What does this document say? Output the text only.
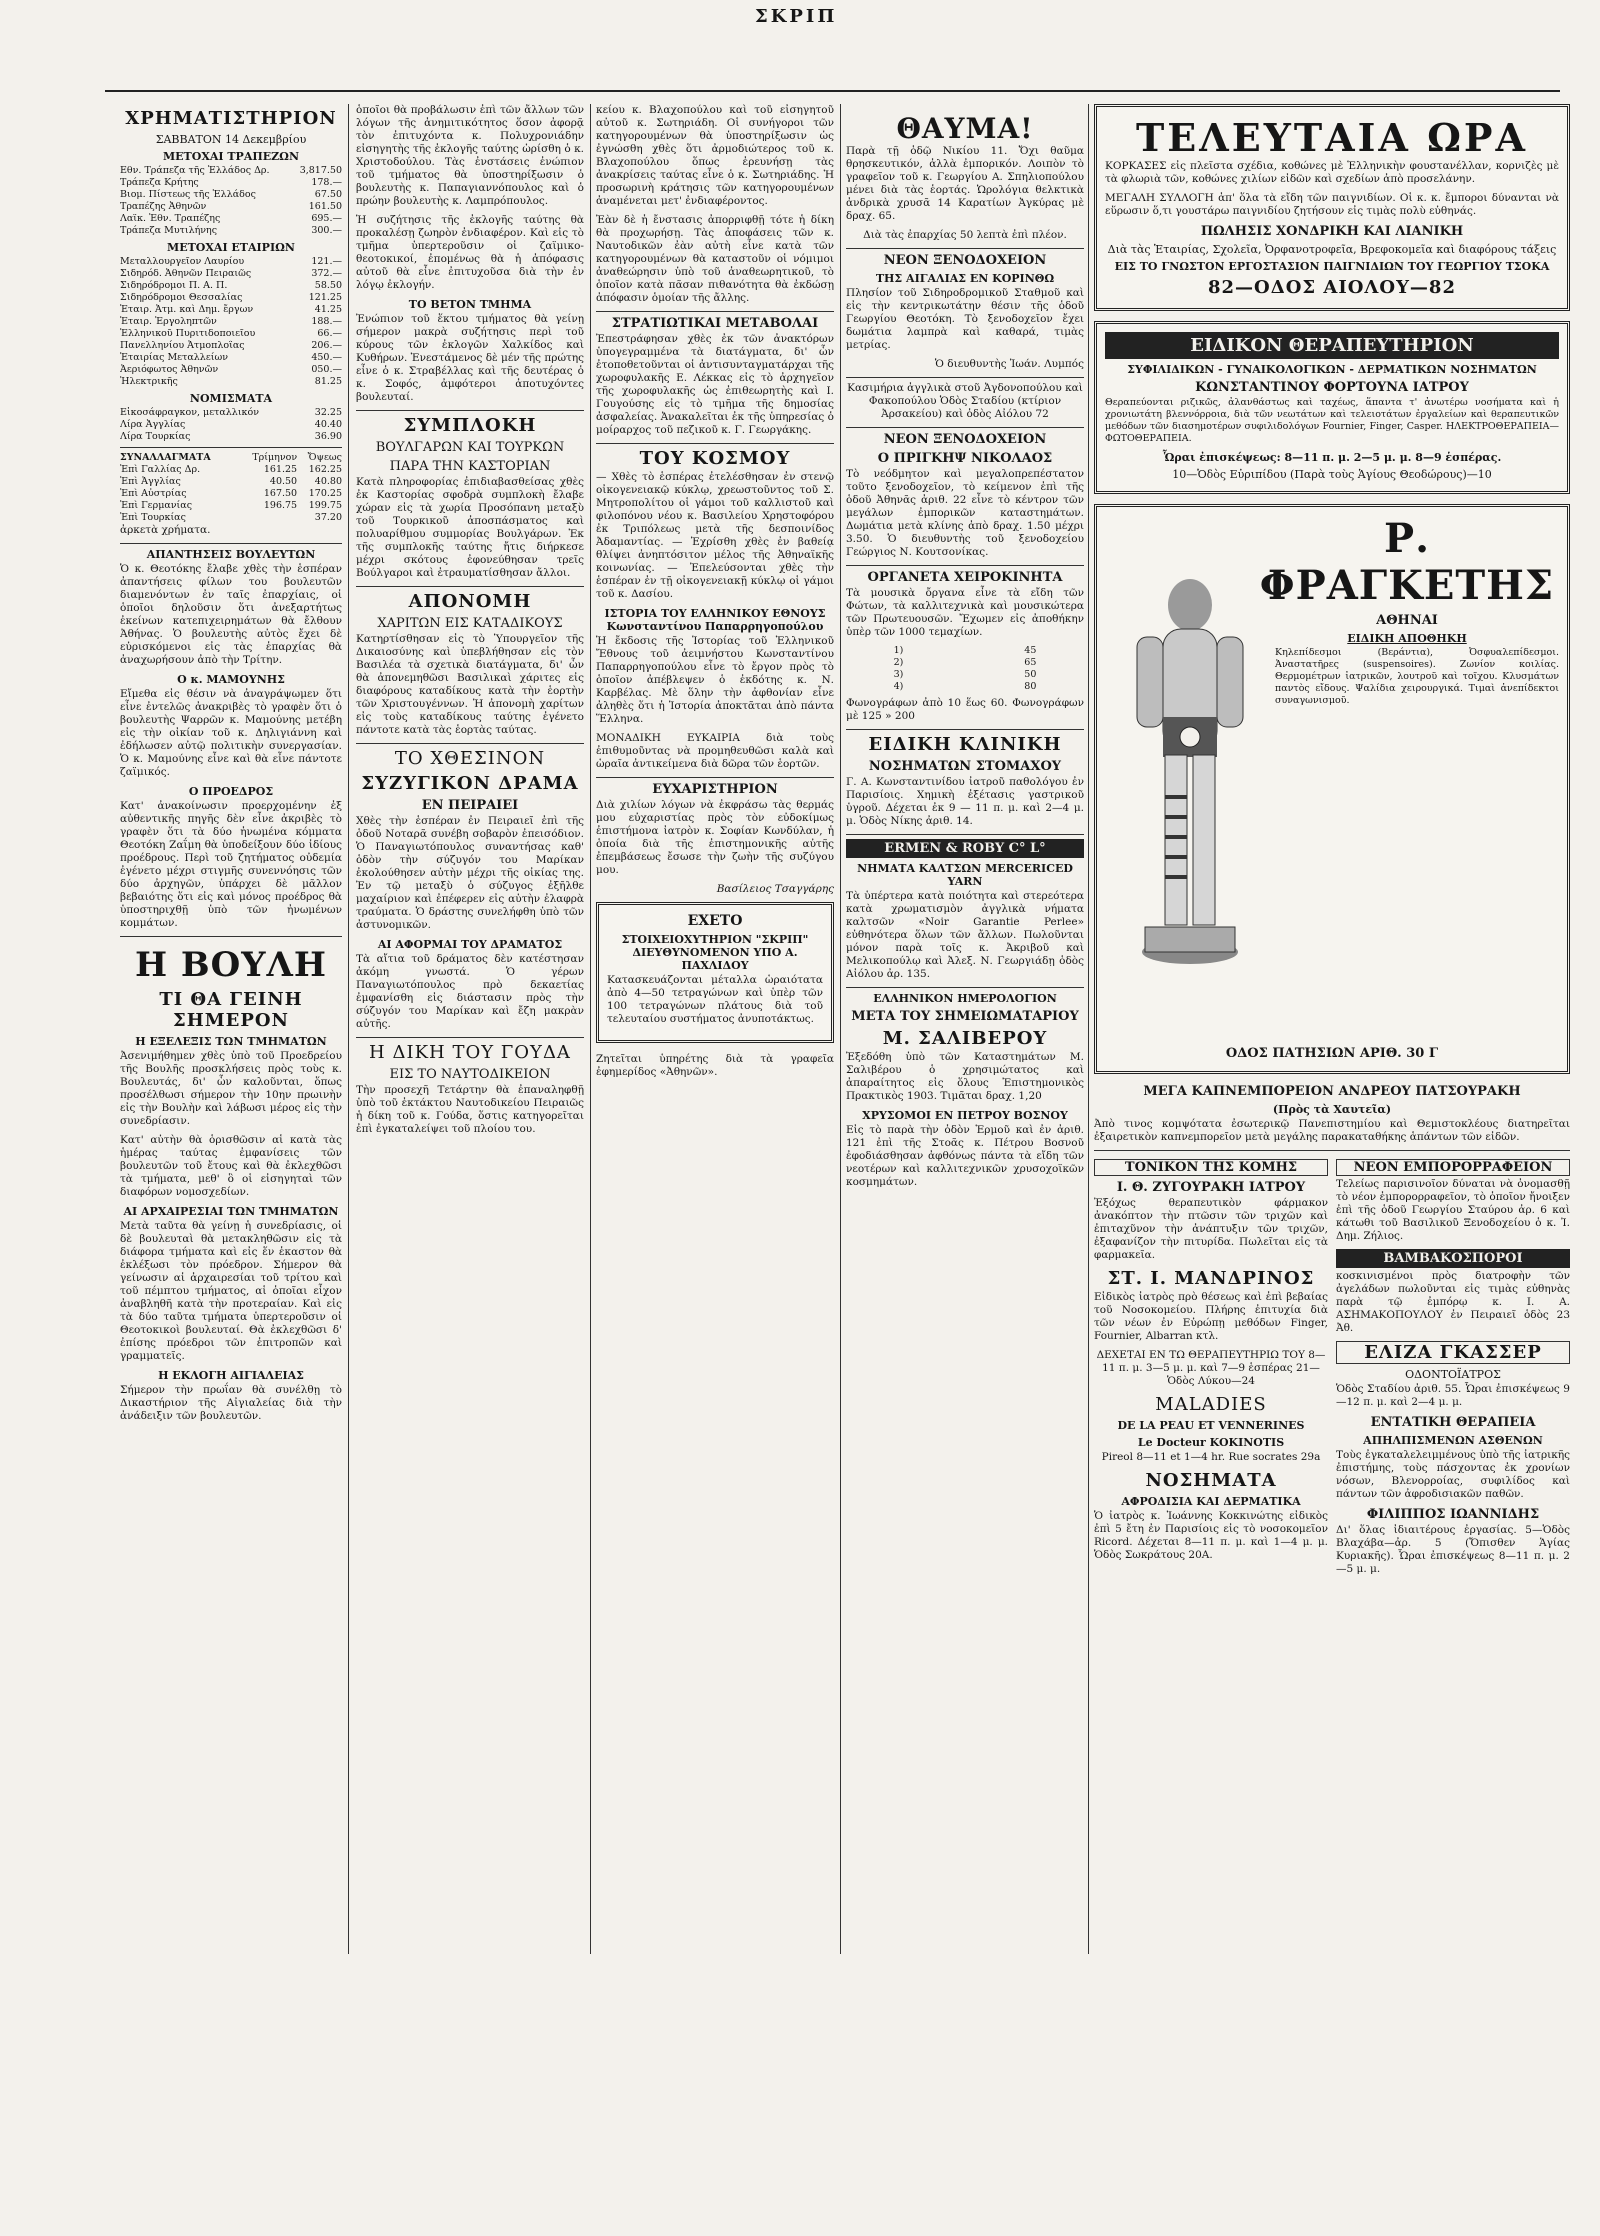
ΣΚΡΙΠ
ΧΡΗΜΑΤΙΣΤΗΡΙΟΝ
ΣΑΒΒΑΤΟΝ 14 Δεκεμβρίου
ΜΕΤΟΧΑΙ ΤΡΑΠΕΖΩΝ
Εθν. Τράπεζα τῆς Ἑλλάδος Δρ.	3,817.50
Τράπεζα Κρήτης	178.—
Βιομ. Πίστεως τῆς Ἑλλάδος	67.50
Τραπέζης Ἀθηνῶν	161.50
Λαϊκ. Ἐθν. Τραπέζης	695.—
Τράπεζα Μυτιλήνης	300.—
ΜΕΤΟΧΑΙ ΕΤΑΙΡΙΩΝ
Μεταλλουργεῖον Λαυρίου	121.—
Σιδηρόδ. Ἀθηνῶν Πειραιῶς	372.—
Σιδηρόδρομοι Π. Α. Π.	58.50
Σιδηρόδρομοι Θεσσαλίας	121.25
Ἑταιρ. Ἀτμ. καὶ Δημ. ἔργων	41.25
Ἑταιρ. Ἐργοληπτῶν	188.—
Ἑλληνικοῦ Πυριτιδοποιεῖου	66.—
Πανελληνίου Ἀτμοπλοΐας	206.—
Ἑταιρίας Μεταλλείων	450.—
Ἀεριόφωτος Ἀθηνῶν	050.—
Ἠλεκτρικῆς	81.25
ΝΟΜΙΣΜΑΤΑ
Εἰκοσάφραγκον, μεταλλικόν	32.25
Λίρα Ἀγγλίας	40.40
Λίρα Τουρκίας	36.90
ΣΥΝΑΛΛΑΓΜΑΤΑ	Τρίμηνον	Ὄψεως
Ἐπὶ Γαλλίας Δρ.	161.25	162.25
Ἐπὶ Ἀγγλίας	40.50	40.80
Ἐπὶ Αὐστρίας	167.50	170.25
Ἐπὶ Γερμανίας	196.75	199.75
Ἐπὶ Τουρκίας		37.20

ἀρκετὰ χρήματα.

ΑΠΑΝΤΗΣΕΙΣ ΒΟΥΛΕΥΤΩΝ

Ὁ κ. Θεοτόκης ἔλαβε χθὲς τὴν ἑσπέραν ἀπαντήσεις φίλων του βουλευτῶν διαμενόντων ἐν ταῖς ἐπαρχίαις, οἱ ὁποῖοι δηλοῦσιν ὅτι ἀνεξαρτήτως ἐκείνων κατεπιχειρημάτων θὰ ἔλθουν Ἀθήνας. Ὁ βουλευτὴς αὐτὸς ἔχει δὲ εὐρισκόμενοι εἰς τὰς ἑπαρχίας θὰ ἀναχωρήσουν ἀπὸ τὴν Τρίτην.

Ο κ. ΜΑΜΟΥΝΗΣ

Εἴμεθα εἰς θέσιν νὰ ἀναγράψωμεν ὅτι εἶνε ἐντελῶς ἀνακριβὲς τὸ γραφὲν ὅτι ὁ βουλευτὴς Ψαρρῶν κ. Μαμούνης μετέβη εἰς τὴν οἰκίαν τοῦ κ. Δηλιγιάννη καὶ ἐδήλωσεν αὐτῷ πολιτικὴν συνεργασίαν. Ὁ κ. Μαμούνης εἶνε καὶ θὰ εἶνε πάντοτε ζαϊμικός.

Ο ΠΡΟΕΔΡΟΣ

Κατ' ἀνακοίνωσιν προερχομένην ἐξ αὐθεντικῆς πηγῆς δὲν εἶνε ἀκριβὲς τὸ γραφὲν ὅτι τὰ δύο ἠνωμένα κόμματα Θεοτόκη Ζαΐμη θὰ ὑποδείξουν δύο ἰδίους προέδρους. Περὶ τοῦ ζητήματος οὐδεμία ἐγένετο μέχρι στιγμῆς συνεννόησις τῶν δύο ἀρχηγῶν, ὑπάρχει δὲ μᾶλλον βεβαιότης ὅτι εἰς καὶ μόνος προέδρος θὰ ὑποστηριχθῇ ὑπὸ τῶν ἠνωμένων κομμάτων.

Η ΒΟΥΛΗ
ΤΙ ΘΑ ΓΕΙΝΗ ΣΗΜΕΡΟΝ
Η ΕΞΕΛΕΞΙΣ ΤΩΝ ΤΜΗΜΑΤΩΝ

Ἀσενιμήθημεν χθὲς ὑπὸ τοῦ Προεδρείου τῆς Βουλῆς προσκλήσεις πρὸς τοὺς κ. Βουλευτάς, δι' ὧν καλοῦνται, ὅπως προσέλθωσι σήμερον τὴν 10ην πρωινὴν εἰς τὴν Βουλὴν καὶ λάβωσι μέρος εἰς τὴν συνεδρίασιν.

Κατ' αὐτὴν θὰ ὁρισθῶσιν αἱ κατὰ τὰς ἡμέρας ταύτας ἐμφανίσεις τῶν βουλευτῶν τοῦ ἔτους καὶ θὰ ἐκλεχθῶσι τὰ τμήματα, μεθ' ὃ οἱ εἰσηγηταὶ τῶν διαφόρων νομοσχεδίων.

ΑΙ ΑΡΧΑΙΡΕΣΙΑΙ ΤΩΝ ΤΜΗΜΑΤΩΝ

Μετὰ ταῦτα θὰ γείνῃ ἡ συνεδρίασις, οἱ δὲ βουλευταὶ θὰ μετακληθῶσιν εἰς τὰ διάφορα τμήματα καὶ εἰς ἕν ἑκαστον θὰ ἐκλέξωσι τὸν πρόεδρον. Σήμερον θὰ γείνωσιν αἱ ἀρχαιρεσίαι τοῦ τρίτου καὶ τοῦ πέμπτου τμήματος, αἱ ὁποῖαι εἶχον ἀναβληθῆ κατὰ τὴν προτεραίαν. Καὶ εἰς τὰ δύο ταῦτα τμήματα ὑπερτεροῦσιν οἱ Θεοτοκικοὶ βουλευταί. Θὰ ἐκλεχθῶσι δ' ἐπίσης πρόεδροι τῶν ἐπιτροπῶν καὶ γραμματεῖς.

Η ΕΚΛΟΓΗ ΑΙΓΙΑΛΕΙΑΣ

Σήμερον τὴν πρωΐαν θὰ συνέλθῃ τὸ Δικαστήριον τῆς Αἰγιαλείας διὰ τὴν ἀνάδειξιν τῶν βουλευτῶν.

ὁποῖοι θὰ προβάλωσιν ἐπὶ τῶν ἄλλων τῶν λόγων τῆς ἀνημιτικότητος ὅσον ἀφορᾷ τὸν ἐπιτυχόντα κ. Πολυχρονιάδην εἰσηγητὴς τῆς ἐκλογῆς ταύτης ὡρίσθη ὁ κ. Χριστοδούλου. Τὰς ἐνστάσεις ἐνώπιον τοῦ τμήματος θὰ ὑποστηρίξωσιν ὁ βουλευτὴς κ. Παπαγιαννόπουλος καὶ ὁ πρώην βουλευτὴς κ. Λαμπρόπουλος.

Ἡ συζήτησις τῆς ἐκλογῆς ταύτης θὰ προκαλέσῃ ζωηρὸν ἐνδιαφέρον. Καὶ εἰς τὸ τμῆμα ὑπερτεροῦσιν οἱ ζαϊμικο-θεοτοκικοί, ἐπομένως θὰ ἡ ἀπόφασις αὐτοῦ θὰ εἶνε ἐπιτυχοῦσα διὰ τὴν ἐν λόγῳ ἐκλογήν.

ΤΟ ΒΕΤΟΝ ΤΜΗΜΑ

Ἐνώπιον τοῦ ἕκτου τμήματος θὰ γείνῃ σήμερον μακρὰ συζήτησις περὶ τοῦ κύρους τῶν ἐκλογῶν Χαλκίδος καὶ Κυθήρων. Ἐνεστάμενος δὲ μέν τῆς πρώτης εἶνε ὁ κ. Στραβέλλας καὶ τῆς δευτέρας ὁ κ. Σοφός, ἀμφότεροι ἀποτυχόντες βουλευταί.

ΣΥΜΠΛΟΚΗ
ΒΟΥΛΓΑΡΩΝ ΚΑΙ ΤΟΥΡΚΩΝ
ΠΑΡΑ ΤΗΝ ΚΑΣΤΟΡΙΑΝ

Κατὰ πληροφορίας ἐπιδιαβασθείσας χθὲς ἐκ Καστορίας σφοδρὰ συμπλοκὴ ἔλαβε χώραν εἰς τὰ χωρία Προσόπανη μεταξὺ τοῦ Τουρκικοῦ ἀποσπάσματος καὶ πολυαρίθμου συμμορίας Βουλγάρων. Ἐκ τῆς συμπλοκῆς ταύτης ἤτις διήρκεσε μέχρι σκότους ἐφονεύθησαν τρεῖς Βούλγαροι καὶ ἐτραυματίσθησαν ἄλλοι.

ΑΠΟΝΟΜΗ
ΧΑΡΙΤΩΝ ΕΙΣ ΚΑΤΑΔΙΚΟΥΣ

Κατηρτίσθησαν εἰς τὸ Ὑπουργεῖον τῆς Δικαιοσύνης καὶ ὑπεβλήθησαν εἰς τὸν Βασιλέα τὰ σχετικὰ διατάγματα, δι' ὧν θὰ ἀπονεμηθῶσι Βασιλικαὶ χάριτες εἰς διαφόρους καταδίκους κατὰ τὴν ἑορτὴν τῶν Χριστουγέννων. Ἡ ἀπονομὴ χαρίτων εἰς τοὺς καταδίκους ταύτης ἐγένετο πάντοτε κατὰ τὰς ἑορτὰς ταύτας.

ΤΟ ΧΘΕΣΙΝΟΝ
ΣΥΖΥΓΙΚΟΝ ΔΡΑΜΑ
ΕΝ ΠΕΙΡΑΙΕΙ

Χθὲς τὴν ἑσπέραν ἐν Πειραιεῖ ἐπὶ τῆς ὁδοῦ Νοταρᾶ συνέβη σοβαρὸν ἐπεισόδιον. Ὁ Παναγιωτόπουλος συναντήσας καθ' ὁδὸν τὴν σύζυγόν του Μαρίκαν ἐκολούθησεν αὐτὴν μέχρι τῆς οἰκίας της. Ἐν τῷ μεταξὺ ὁ σύζυγος ἐξῆλθε μαχαίριον καὶ ἐπέφερεν εἰς αὐτὴν ἐλαφρὰ τραύματα. Ὁ δράστης συνελήφθη ὑπὸ τῶν ἀστυνομικῶν.

ΑΙ ΑΦΟΡΜΑΙ ΤΟΥ ΔΡΑΜΑΤΟΣ

Τὰ αἴτια τοῦ δράματος δὲν κατέστησαν ἀκόμη γνωστά. Ὁ γέρων Παναγιωτόπουλος πρὸ δεκαετίας ἐμφανίσθη εἰς διάστασιν πρὸς τὴν σύζυγόν του Μαρίκαν καὶ ἔζη μακρὰν αὐτῆς.

Η ΔΙΚΗ ΤΟΥ ΓΟΥΔΑ
ΕΙΣ ΤΟ ΝΑΥΤΟΔΙΚΕΙΟΝ

Τὴν προσεχῆ Τετάρτην θὰ ἐπαναληφθῇ ὑπὸ τοῦ ἐκτάκτου Ναυτοδικείου Πειραιῶς ἡ δίκη τοῦ κ. Γούδα, ὅστις κατηγορεῖται ἐπὶ ἐγκαταλείψει τοῦ πλοίου του.

κείου κ. Βλαχοπούλου καὶ τοῦ εἰσηγητοῦ αὐτοῦ κ. Σωτηριάδη. Οἱ συνήγοροι τῶν κατηγορουμένων θὰ ὑποστηρίξωσιν ὡς ἐγνώσθη χθὲς ὅτι ἀρμοδιώτερος τοῦ κ. Βλαχοπούλου ὅπως ἐρευνήσῃ τὰς ἀνακρίσεις ταύτας εἶνε ὁ κ. Σωτηριάδης. Ἡ προσωρινὴ κράτησις τῶν κατηγορουμένων ἀναμένεται μετ' ἐνδιαφέροντος.

Ἐὰν δὲ ἡ ἔνστασις ἀπορριφθῇ τότε ἡ δίκη θὰ προχωρήσῃ. Τὰς ἀποφάσεις τῶν κ. Ναυτοδικῶν ἐὰν αὐτὴ εἶνε κατὰ τῶν κατηγορουμένων θὰ καταστοῦν οἱ νόμιμοι ἀναθεώρησιν ὑπὸ τοῦ ἀναθεωρητικοῦ, τὸ ὁποῖον κατὰ πᾶσαν πιθανότητα θὰ ἐκδώσῃ ἀπόφασιν ὁμοίαν τῆς ἄλλης.

ΣΤΡΑΤΙΩΤΙΚΑΙ ΜΕΤΑΒΟΛΑΙ

Ἐπεστράφησαν χθὲς ἐκ τῶν ἀνακτόρων ὑπογεγραμμένα τὰ διατάγματα, δι' ὧν ἐτοποθετοῦνται οἱ ἀντισυνταγματάρχαι τῆς χωροφυλακῆς Ε. Λέκκας εἰς τὸ ἀρχηγεῖον τῆς χωροφυλακῆς ὡς ἐπιθεωρητὴς καὶ Ι. Γουγούσης εἰς τὸ τμῆμα τῆς δημοσίας ἀσφαλείας. Ἀνακαλεῖται ἐκ τῆς ὑπηρεσίας ὁ μοίραρχος τοῦ πεζικοῦ κ. Γ. Γεωργάκης.

ΤΟΥ ΚΟΣΜΟΥ

— Χθὲς τὸ ἑσπέρας ἐτελέσθησαν ἐν στενῷ οἰκογενειακῷ κύκλῳ, χρεωστοῦντος τοῦ Σ. Μητροπολίτου οἱ γάμοι τοῦ καλλιστοῦ καὶ φιλοπόνου νέου κ. Βασιλείου Χρηστοφόρου ἐκ Τριπόλεως μετὰ τῆς δεσποινίδος Ἀδαμαντίας. — Ἐχρίσθη χθὲς ἐν βαθείᾳ θλίψει ἀνηπτόσιτον μέλος τῆς Ἀθηναϊκῆς κοινωνίας. — Ἐπελεύσονται χθὲς τὴν ἑσπέραν ἐν τῇ οἰκογενειακῇ κύκλῳ οἱ γάμοι τοῦ κ. Δασίου.

ΙΣΤΟΡΙΑ ΤΟΥ ΕΛΛΗΝΙΚΟΥ ΕΘΝΟΥΣ Κωνσταντίνου Παπαρρηγοπούλου

Ἡ ἔκδοσις τῆς Ἱστορίας τοῦ Ἑλληνικοῦ Ἔθνους τοῦ ἀειμνήστου Κωνσταντίνου Παπαρρηγοπούλου εἶνε τὸ ἔργον πρὸς τὸ ὁποῖον ἀπέβλεψεν ὁ ἐκδότης κ. Ν. Καρβέλας. Μὲ ὅλην τὴν ἀφθονίαν εἶνε ἀληθὲς ὅτι ἡ Ἱστορία ἀποκτᾶται ἀπὸ πάντα Ἕλληνα.

ΜΟΝΑΔΙΚΗ ΕΥΚΑΙΡΙΑ διὰ τοὺς ἐπιθυμοῦντας νὰ προμηθευθῶσι καλὰ καὶ ὡραῖα ἀντικείμενα διὰ δῶρα τῶν ἑορτῶν.

ΕΥΧΑΡΙΣΤΗΡΙΟΝ

Διὰ χιλίων λόγων νὰ ἐκφράσω τὰς θερμάς μου εὐχαριστίας πρὸς τὸν εὐδοκίμως ἐπιστήμονα ἰατρὸν κ. Σοφίαν Κωνδύλαν, ἡ ὁποία διὰ τῆς ἐπιστημονικῆς αὐτῆς ἐπεμβάσεως ἔσωσε τὴν ζωὴν τῆς συζύγου μου.

Βασίλειος Τσαγγάρης

ΕΧΕΤΟ
ΣΤΟΙΧΕΙΟΧΥΤΗΡΙΟΝ "ΣΚΡΙΠ" ΔΙΕΥΘΥΝΟΜΕΝΟΝ ΥΠΟ Α. ΠΑΧΛΙΔΟΥ

Κατασκευάζονται μέταλλα ὡραιότατα ἀπὸ 4—50 τετραγώνων καὶ ὑπὲρ τῶν 100 τετραγώνων πλάτους διὰ τοῦ τελευταίου συστήματος ἀνυποτάκτως.

Ζητεῖται ὑπηρέτης διὰ τὰ γραφεῖα ἐφημερίδος «Ἀθηνῶν».

ΘΑΥΜΑ!

Παρὰ τῇ ὁδῷ Νικίου 11. Ὄχι θαῦμα θρησκευτικόν, ἀλλὰ ἐμπορικόν. Λοιπὸν τὸ γραφεῖον τοῦ κ. Γεωργίου Α. Σπηλιοπούλου μένει διὰ τὰς ἑορτάς. Ὡρολόγια θελκτικὰ ἀνδρικὰ χρυσᾶ 14 Καρατίων Ἀγκύρας μὲ δραχ. 65.

Διὰ τὰς ἐπαρχίας 50 λεπτὰ ἐπὶ πλέον.

ΝΕΟΝ ΞΕΝΟΔΟΧΕΙΟΝ
ΤΗΣ ΑΙΓΑΛΙΑΣ ΕΝ ΚΟΡΙΝΘΩ

Πλησίον τοῦ Σιδηροδρομικοῦ Σταθμοῦ καὶ εἰς τὴν κεντρικωτάτην θέσιν τῆς ὁδοῦ Γεωργίου Θεοτόκη. Τὸ ξενοδοχεῖον ἔχει δωμάτια λαμπρὰ καὶ καθαρά, τιμὰς μετρίας.

Ὁ διευθυντὴς Ἰωάν. Λυμπός

Κασιμήρια ἀγγλικὰ στοῦ Ἀγδονοπούλου καὶ Φακοπούλου Ὁδὸς Σταδίου (κτίριον Ἀρσακείου) καὶ ὁδὸς Αἰόλου 72

ΝΕΟΝ ΞΕΝΟΔΟΧΕΙΟΝ
Ο ΠΡΙΓΚΗΨ ΝΙΚΟΛΑΟΣ

Τὸ νεόδμητον καὶ μεγαλοπρεπέστατον τοῦτο ξενοδοχεῖον, τὸ κείμενον ἐπὶ τῆς ὁδοῦ Ἀθηνᾶς ἀριθ. 22 εἶνε τὸ κέντρον τῶν μεγάλων ἐμπορικῶν καταστημάτων. Δωμάτια μετὰ κλίνης ἀπὸ δραχ. 1.50 μέχρι 3.50. Ὁ διευθυντὴς τοῦ ξενοδοχείου Γεώργιος Ν. Κουτσονίκας.

ΟΡΓΑΝΕΤΑ ΧΕΙΡΟΚΙΝΗΤΑ

Τὰ μουσικὰ ὄργανα εἶνε τὰ εἴδη τῶν Φώτων, τὰ καλλιτεχνικὰ καὶ μουσικώτερα τῶν Πρωτευουσῶν. Ἔχωμεν εἰς ἀποθήκην ὑπὲρ τῶν 1000 τεμαχίων.

1)	45
2)	65
3)	50
4)	80

Φωνογράφων ἀπὸ 10 ἕως 60. Φωνογράφων μὲ 125 » 200

ΕΙΔΙΚΗ ΚΛΙΝΙΚΗ
ΝΟΣΗΜΑΤΩΝ ΣΤΟΜΑΧΟΥ

Γ. Α. Κωνσταντινίδου ἰατροῦ παθολόγου ἐν Παρισίοις. Χημικὴ ἐξέτασις γαστρικοῦ ὑγροῦ. Δέχεται ἐκ 9 — 11 π. μ. καὶ 2—4 μ. μ. Ὁδὸς Νίκης ἀριθ. 14.

ERMEN & ROBY C° L°
ΝΗΜΑΤΑ ΚΑΛΤΣΩΝ MERCERICED YARN

Τὰ ὑπέρτερα κατὰ ποιότητα καὶ στερεότερα κατὰ χρωματισμὸν ἀγγλικὰ νήματα καλτσῶν «Noir Garantie Perlee» εὐθηνότερα ὅλων τῶν ἄλλων. Πωλοῦνται μόνον παρὰ τοῖς κ. Ἀκριβοῦ καὶ Μελικοπούλῳ καὶ Ἀλεξ. Ν. Γεωργιάδῃ ὁδὸς Αἰόλου ἀρ. 135.

ΕΛΛΗΝΙΚΟΝ ΗΜΕΡΟΛΟΓΙΟΝ
ΜΕΤΑ ΤΟΥ ΣΗΜΕΙΩΜΑΤΑΡΙΟΥ
Μ. ΣΑΛΙΒΕΡΟΥ

Ἐξεδόθη ὑπὸ τῶν Καταστημάτων Μ. Σαλιβέρου ὁ χρησιμώτατος καὶ ἀπαραίτητος εἰς ὅλους Ἐπιστημονικὸς Πρακτικὸς 1903. Τιμᾶται δραχ. 1,20

ΧΡΥΣΟΜΟΙ ΕΝ ΠΕΤΡΟΥ ΒΟΣΝΟΥ

Εἰς τὸ παρὰ τὴν ὁδὸν Ἑρμοῦ καὶ ἐν ἀριθ. 121 ἐπὶ τῆς Στοᾶς κ. Πέτρου Βοσνοῦ ἐφοδιάσθησαν ἀφθόνως πάντα τὰ εἴδη τῶν νεοτέρων καὶ καλλιτεχνικῶν χρυσοχοϊκῶν κοσμημάτων.

ΤΕΛΕΥΤΑΙΑ ΩΡΑ

ΚΟΡΚΑΣΕΣ εἰς πλεῖστα σχέδια, κοθώνες μὲ Ἑλληνικὴν φουστανέλλαν, κορνιζὲς μὲ τὰ φλωριὰ τῶν, κοθώνες χιλίων εἰδῶν καὶ σχεδίων ἀπὸ προσελάνην.

ΜΕΓΑΛΗ ΣΥΛΛΟΓΗ ἀπ' ὅλα τὰ εἴδη τῶν παιγνιδίων. Οἱ κ. κ. ἔμποροι δύνανται νὰ εὕρωσιν ὅ,τι γουστάρω παιγνιδίου ζητήσουν εἰς τιμὰς πολὺ εὐθηνάς.

ΠΩΛΗΣΙΣ ΧΟΝΔΡΙΚΗ ΚΑΙ ΛΙΑΝΙΚΗ
Διὰ τὰς Ἑταιρίας, Σχολεῖα, Ὀρφανοτροφεῖα, Βρεφοκομεῖα καὶ διαφόρους τάξεις
ΕΙΣ ΤΟ ΓΝΩΣΤΟΝ ΕΡΓΟΣΤΑΣΙΟΝ ΠΑΙΓΝΙΔΙΩΝ ΤΟΥ ΓΕΩΡΓΙΟΥ ΤΣΟΚΑ
82—ΟΔΟΣ ΑΙΟΛΟΥ—82
ΕΙΔΙΚΟΝ ΘΕΡΑΠΕΥΤΗΡΙΟΝ
ΣΥΦΙΛΙΔΙΚΩΝ - ΓΥΝΑΙΚΟΛΟΓΙΚΩΝ - ΔΕΡΜΑΤΙΚΩΝ ΝΟΣΗΜΑΤΩΝ
ΚΩΝΣΤΑΝΤΙΝΟΥ ΦΟΡΤΟΥΝΑ ΙΑΤΡΟΥ

Θεραπεύονται ριζικῶς, ἀλανθάστως καὶ ταχέως, ἅπαντα τ' ἀνωτέρω νοσήματα καὶ ἡ χρονιωτάτη βλεννόρροια, διὰ τῶν νεωτάτων καὶ τελειοτάτων ἐργαλείων καὶ θεραπευτικῶν μεθόδων τῶν διασημοτέρων συφιλιδολόγων Fournier, Finger, Casper. ΗΛΕΚΤΡΟΘΕΡΑΠΕΙΑ—ΦΩΤΟΘΕΡΑΠΕΙΑ.

Ὧραι ἐπισκέψεως: 8—11 π. μ. 2—5 μ. μ. 8—9 ἑσπέρας.
10—Ὁδὸς Εὐριπίδου (Παρὰ τοὺς Ἁγίους Θεοδώρους)—10
Ρ. ΦΡΑΓΚΕΤΗΣ
ΑΘΗΝΑΙ
ΕΙΔΙΚΗ ΑΠΟΘΗΚΗ

Κηλεπίδεσμοι (Βεράντια), Ὀσφυαλεπίδεσμοι. Ἀναστατῆρες (suspensoires). Ζωνίον κοιλίας. Θερμομέτρων ἰατρικῶν, λουτροῦ καὶ τοῖχου. Κλυσμάτων παντὸς εἴδους. Ψαλίδια χειρουργικά. Τιμαὶ ἀνεπίδεκτοι συναγωνισμοῦ.

ΟΔΟΣ ΠΑΤΗΣΙΩΝ ΑΡΙΘ. 30 Γ
ΜΕΓΑ ΚΑΠΝΕΜΠΟΡΕΙΟΝ ΑΝΔΡΕΟΥ ΠΑΤΣΟΥΡΑΚΗ
(Πρὸς τὰ Χαυτεῖα)

Ἀπὸ τινος κομψότατα ἐσωτερικῷ Πανεπιστημίου καὶ Θεμιστοκλέους διατηρεῖται ἐξαιρετικὸν καπνεμπορεῖον μετὰ μεγάλης παρακαταθήκης ἁπάντων τῶν εἰδῶν.

ΤΟΝΙΚΟΝ ΤΗΣ ΚΟΜΗΣ
Ι. Θ. ΖΥΓΟΥΡΑΚΗ ΙΑΤΡΟΥ

Ἐξόχως θεραπευτικὸν φάρμακον ἀνακόπτον τὴν πτῶσιν τῶν τριχῶν καὶ ἐπιταχῦνον τὴν ἀνάπτυξιν τῶν τριχῶν, ἐξαφανίζον τὴν πιτυρίδα. Πωλεῖται εἰς τὰ φαρμακεῖα.

ΣΤ. Ι. ΜΑΝΔΡΙΝΟΣ

Εἰδικὸς ἰατρὸς πρὸ θέσεως καὶ ἐπὶ βεβαίας τοῦ Νοσοκομείου. Πλήρης ἐπιτυχία διὰ τῶν νέων ἐν Εὐρώπῃ μεθόδων Finger, Fournier, Albarran κτλ.

ΔΕΧΕΤΑΙ ΕΝ ΤΩ ΘΕΡΑΠΕΥΤΗΡΙΩ ΤΟΥ 8—11 π. μ. 3—5 μ. μ. καὶ 7—9 ἑσπέρας 21—Ὁδὸς Λύκου—24

MALADIES
DE LA PEAU ET VENNERINES
Le Docteur KOKINOTIS

Pireol 8—11 et 1—4 hr. Rue socrates 29a

ΝΟΣΗΜΑΤΑ
ΑΦΡΟΔΙΣΙΑ ΚΑΙ ΔΕΡΜΑΤΙΚΑ

Ὁ ἰατρὸς κ. Ἰωάννης Κοκκινώτης εἰδικὸς ἐπὶ 5 ἔτη ἐν Παρισίοις εἰς τὸ νοσοκομεῖον Ricord. Δέχεται 8—11 π. μ. καὶ 1—4 μ. μ. Ὁδὸς Σωκράτους 20Α.

ΝΕΟΝ ΕΜΠΟΡΟΡΡΑΦΕΙΟΝ

Τελείως παρισινοῖον δύναται νὰ ὀνομασθῇ τὸ νέον ἐμπορορραφεῖον, τὸ ὁποῖον ἤνοιξεν ἐπὶ τῆς ὁδοῦ Γεωργίου Σταύρου ἀρ. 6 καὶ κάτωθι τοῦ Βασιλικοῦ Ξενοδοχείου ὁ κ. Ἰ. Δημ. Ζήλιος.

ΒΑΜΒΑΚΟΣΠΟΡΟΙ

κοσκινισμένοι πρὸς διατροφὴν τῶν ἀγελάδων πωλοῦνται εἰς τιμὰς εὐθηνὰς παρὰ τῷ ἐμπόρῳ κ. Ι. Α. ΑΣΗΜΑΚΟΠΟΥΛΟΥ ἐν Πειραιεῖ ὁδὸς 23 Ἀθ.

ΕΛΙΖΑ ΓΚΑΣΣΕΡ
ΟΔΟΝΤΟΪΑΤΡΟΣ

Ὁδὸς Σταδίου ἀριθ. 55. Ὧραι ἐπισκέψεως 9—12 π. μ. καὶ 2—4 μ. μ.

ΕΝΤΑΤΙΚΗ ΘΕΡΑΠΕΙΑ
ΑΠΗΛΠΙΣΜΕΝΩΝ ΑΣΘΕΝΩΝ

Τοὺς ἐγκαταλελειμμένους ὑπὸ τῆς ἰατρικῆς ἐπιστήμης, τοὺς πάσχοντας ἐκ χρονίων νόσων, Βλενορροίας, συφιλίδος καὶ πάντων τῶν ἀφροδισιακῶν παθῶν.

ΦΙΛΙΠΠΟΣ ΙΩΑΝΝΙΔΗΣ

Δι' ὅλας ἰδιαιτέρους ἐργασίας. 5—Ὁδὸς Βλαχάβα—ἀρ. 5 (Ὄπισθεν Ἁγίας Κυριακῆς). Ὧραι ἐπισκέψεως 8—11 π. μ. 2—5 μ. μ.
